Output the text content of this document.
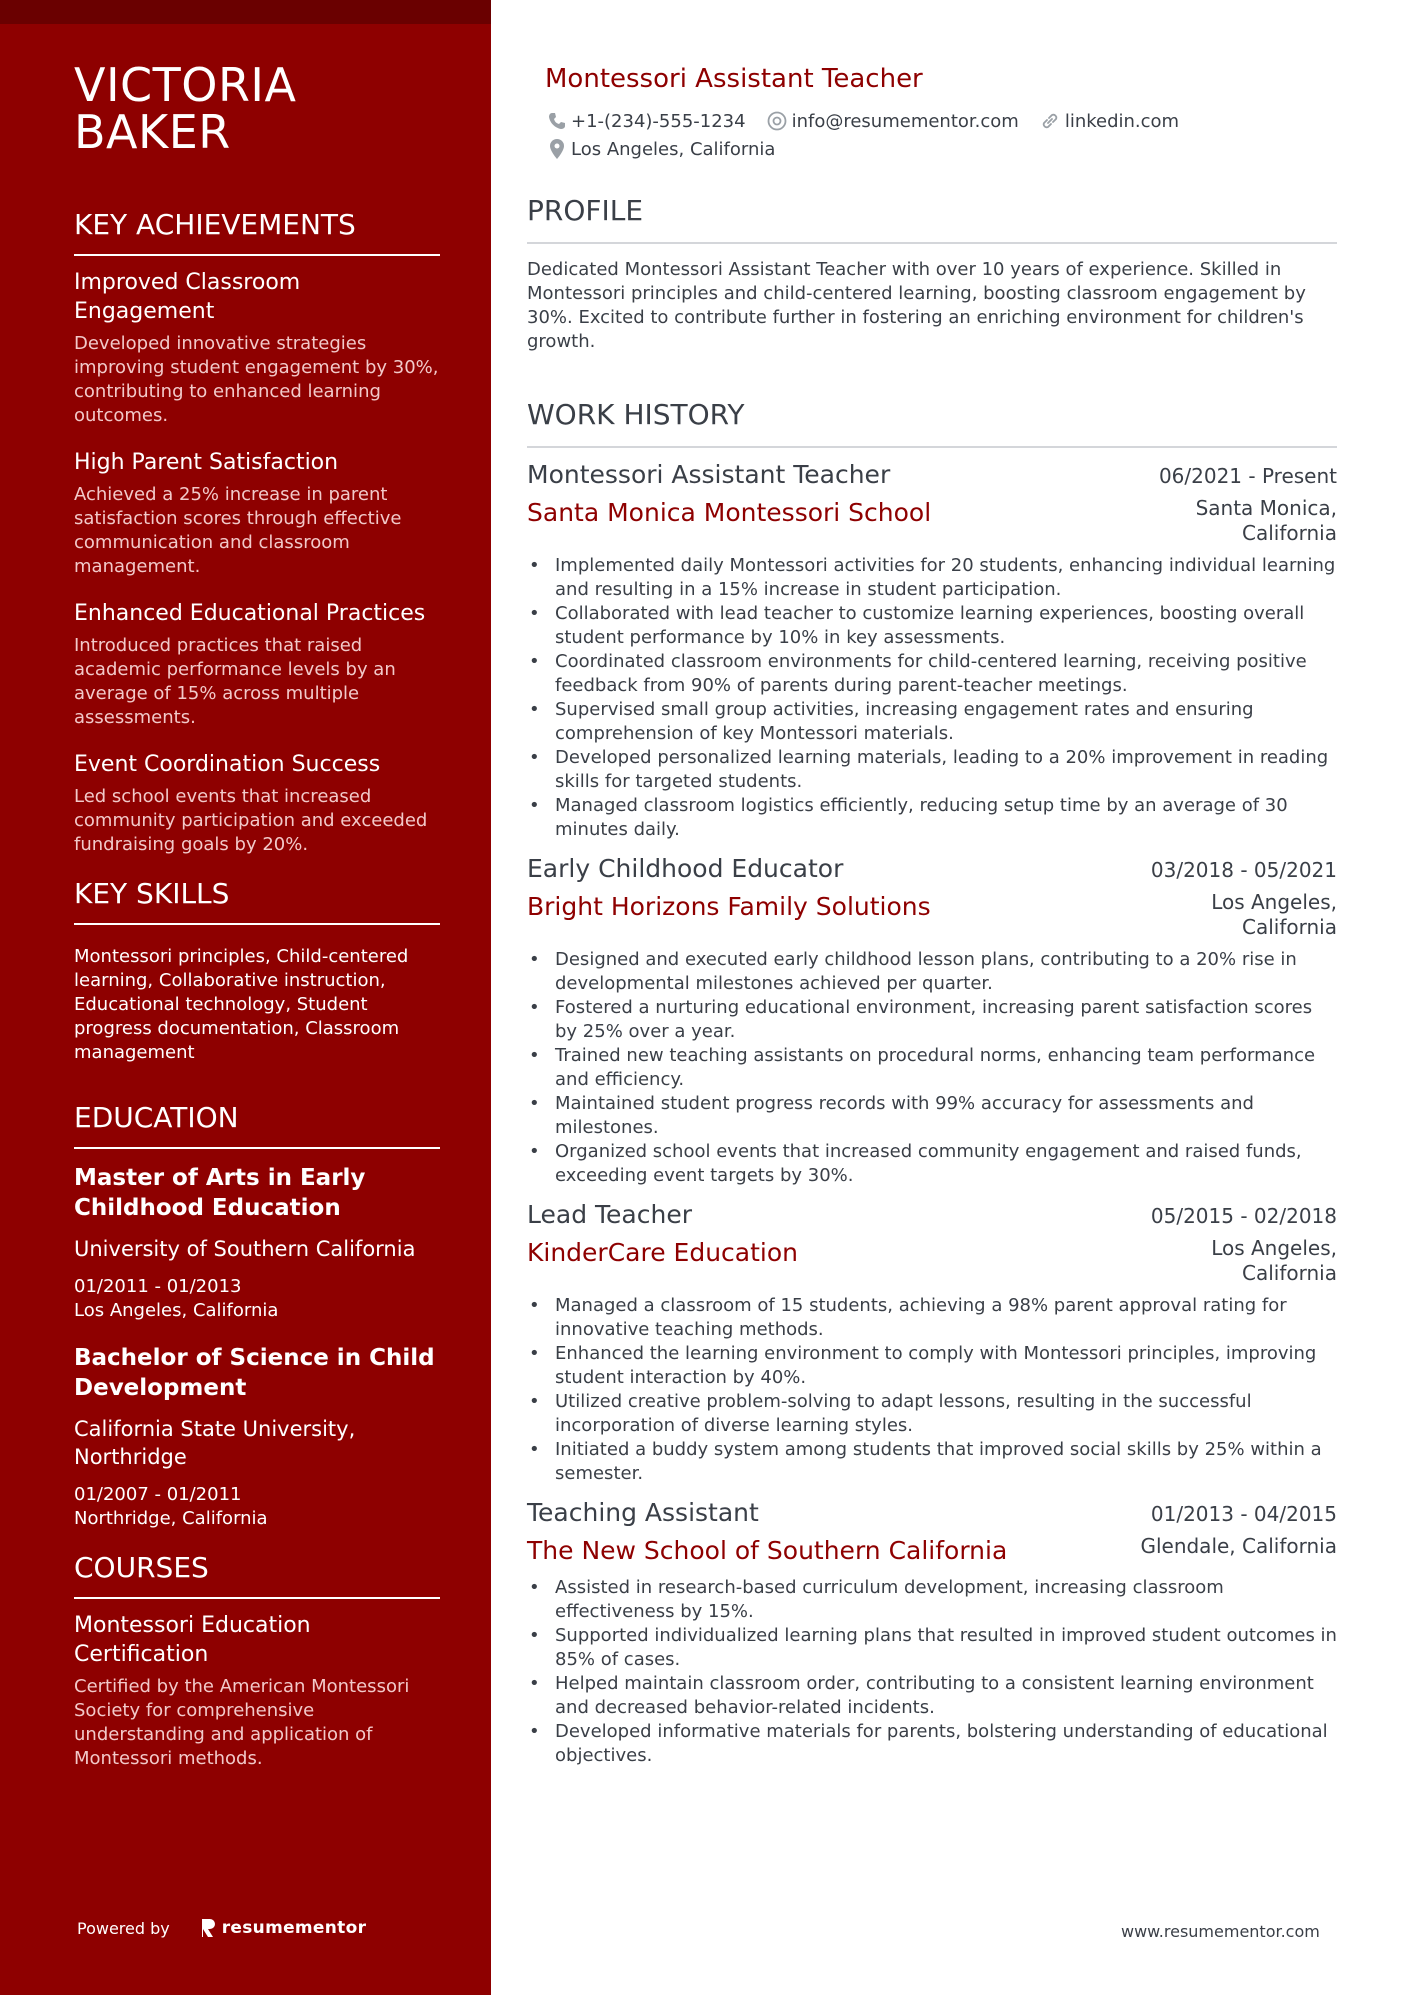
VICTORIA
BAKER
KEY ACHIEVEMENTS
Improved Classroom Engagement
Developed innovative strategies improving student engagement by 30%, contributing to enhanced learning outcomes.
High Parent Satisfaction
Achieved a 25% increase in parent satisfaction scores through effective communication and classroom management.
Enhanced Educational Practices
Introduced practices that raised academic performance levels by an average of 15% across multiple assessments.
Event Coordination Success
Led school events that increased community participation and exceeded fundraising goals by 20%.
KEY SKILLS
Montessori principles, Child-centered learning, Collaborative instruction, Educational technology, Student progress documentation, Classroom management
EDUCATION
Master of Arts in Early Childhood Education
University of Southern California
01/2011 - 01/2013
Los Angeles, California
Bachelor of Science in Child Development
California State University, Northridge
01/2007 - 01/2011
Northridge, California
COURSES
Montessori Education Certification
Certified by the American Montessori Society for comprehensive understanding and application of Montessori methods.
Powered by	resumementor
Montessori Assistant Teacher
+1-(234)-555-1234	info@resumementor.com	linkedin.com
Los Angeles, California
PROFILE
Dedicated Montessori Assistant Teacher with over 10 years of experience. Skilled in Montessori principles and child-centered learning, boosting classroom engagement by 30%. Excited to contribute further in fostering an enriching environment for children's growth.
WORK HISTORY
Montessori Assistant Teacher	06/2021 - Present
Santa Monica Montessori School	Santa Monica, California
• Implemented daily Montessori activities for 20 students, enhancing individual learning and resulting in a 15% increase in student participation.
• Collaborated with lead teacher to customize learning experiences, boosting overall student performance by 10% in key assessments.
• Coordinated classroom environments for child-centered learning, receiving positive feedback from 90% of parents during parent-teacher meetings.
• Supervised small group activities, increasing engagement rates and ensuring comprehension of key Montessori materials.
• Developed personalized learning materials, leading to a 20% improvement in reading skills for targeted students.
• Managed classroom logistics efficiently, reducing setup time by an average of 30 minutes daily.
Early Childhood Educator	03/2018 - 05/2021
Bright Horizons Family Solutions	Los Angeles, California
• Designed and executed early childhood lesson plans, contributing to a 20% rise in developmental milestones achieved per quarter.
• Fostered a nurturing educational environment, increasing parent satisfaction scores by 25% over a year.
• Trained new teaching assistants on procedural norms, enhancing team performance and efficiency.
• Maintained student progress records with 99% accuracy for assessments and milestones.
• Organized school events that increased community engagement and raised funds, exceeding event targets by 30%.
Lead Teacher	05/2015 - 02/2018
KinderCare Education	Los Angeles, California
• Managed a classroom of 15 students, achieving a 98% parent approval rating for innovative teaching methods.
• Enhanced the learning environment to comply with Montessori principles, improving student interaction by 40%.
• Utilized creative problem-solving to adapt lessons, resulting in the successful incorporation of diverse learning styles.
• Initiated a buddy system among students that improved social skills by 25% within a semester.
Teaching Assistant	01/2013 - 04/2015
The New School of Southern California	Glendale, California
• Assisted in research-based curriculum development, increasing classroom effectiveness by 15%.
• Supported individualized learning plans that resulted in improved student outcomes in 85% of cases.
• Helped maintain classroom order, contributing to a consistent learning environment and decreased behavior-related incidents.
• Developed informative materials for parents, bolstering understanding of educational objectives.
www.resumementor.com
